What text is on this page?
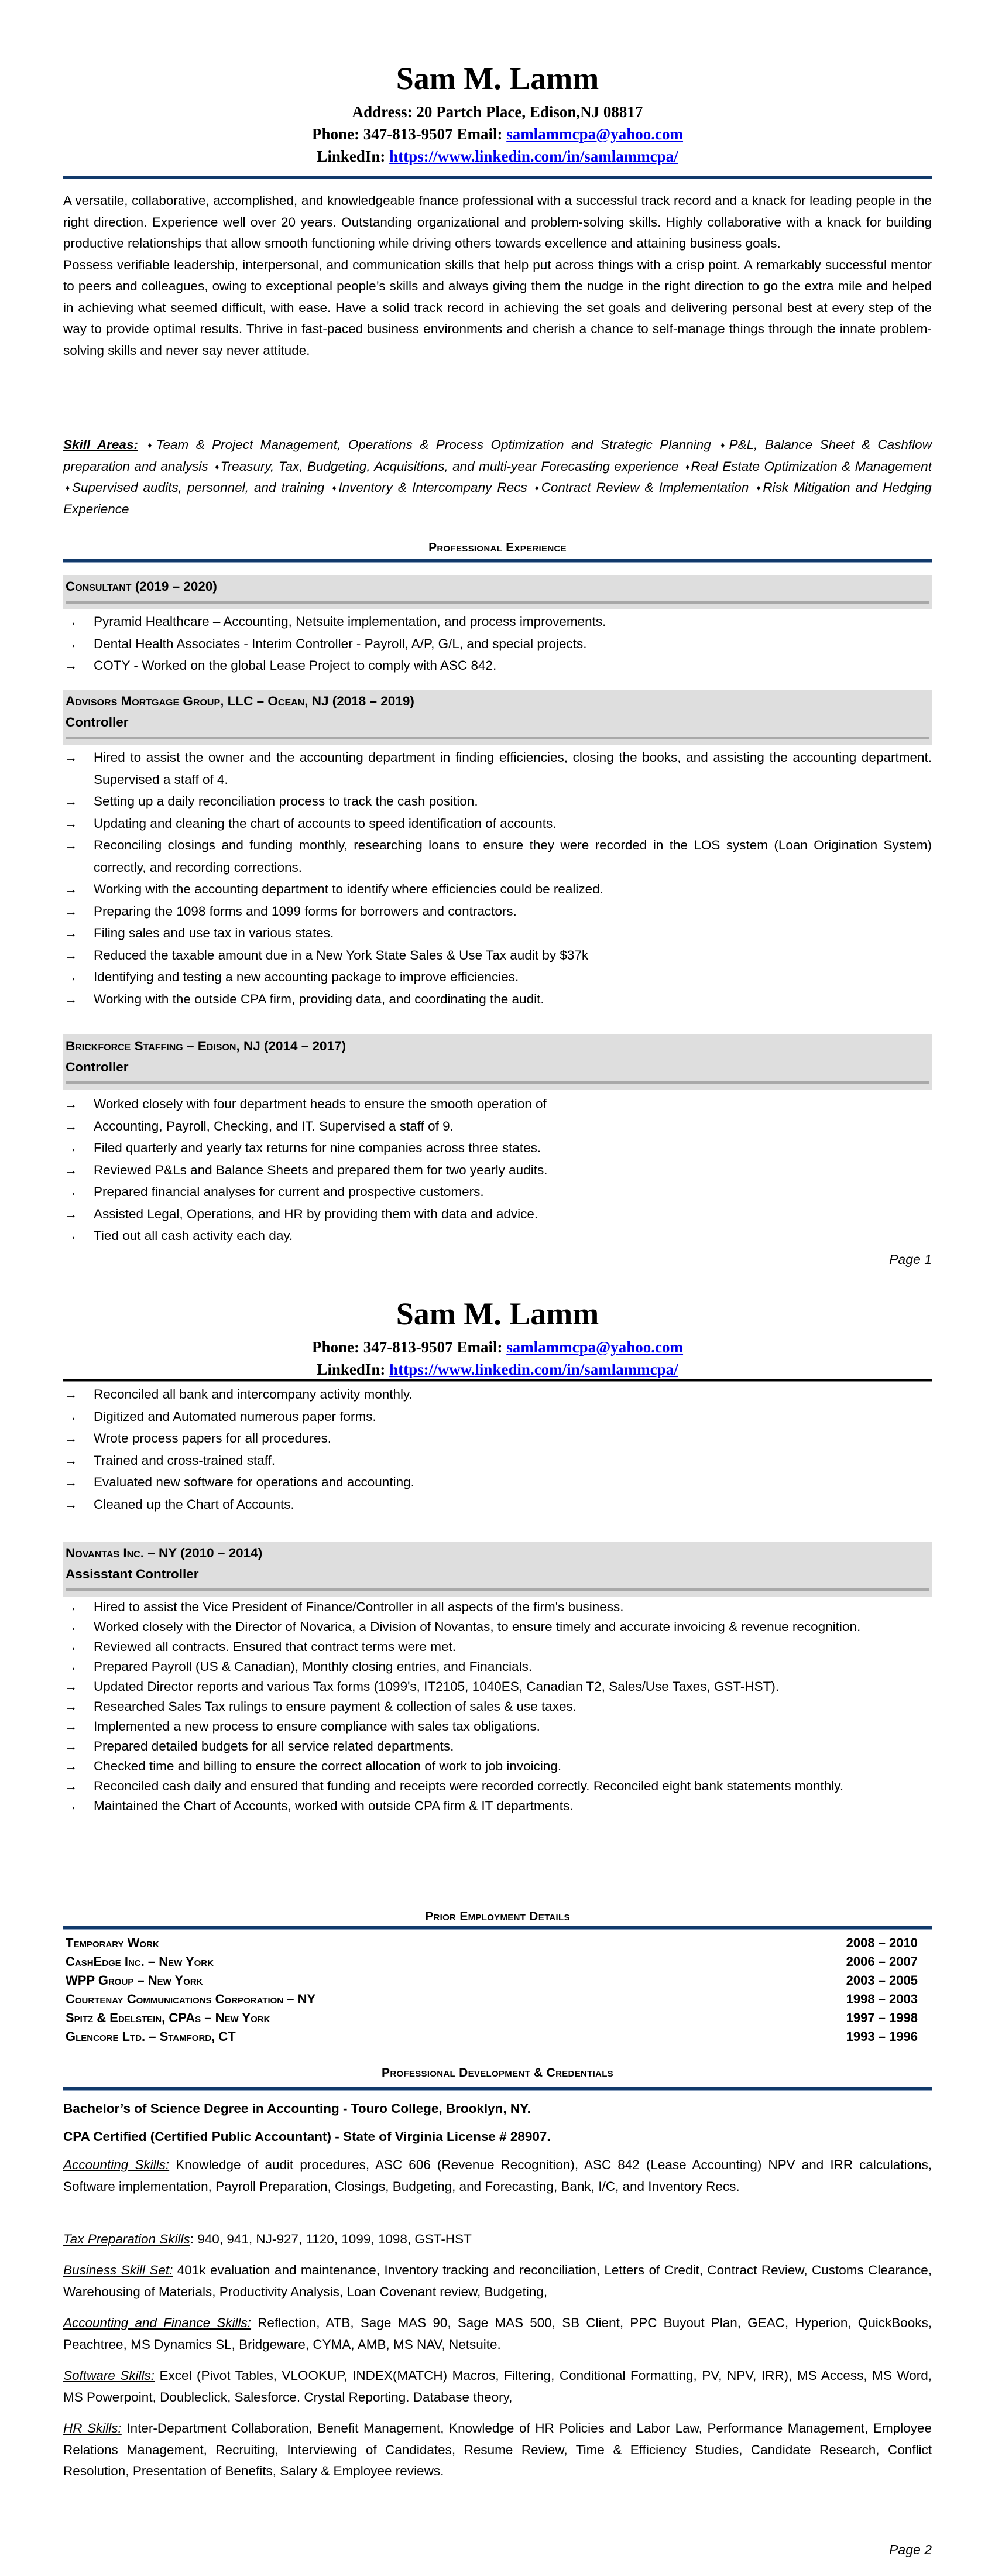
Sam M. Lamm
Address: 20 Partch Place, Edison,NJ 08817
Phone: 347-813-9507 Email: samlammcpa@yahoo.com
LinkedIn: https://www.linkedin.com/in/samlammcpa/

A versatile, collaborative, accomplished, and knowledgeable fnance professional with a successful track record and a knack for leading people in the right direction. Experience well over 20 years. Outstanding organizational and problem-solving skills. Highly collaborative with a knack for building productive relationships that allow smooth functioning while driving others towards excellence and attaining business goals.

Possess verifiable leadership, interpersonal, and communication skills that help put across things with a crisp point. A remarkably successful mentor to peers and colleagues, owing to exceptional people’s skills and always giving them the nudge in the right direction to go the extra mile and helped in achieving what seemed difficult, with ease. Have a solid track record in achieving the set goals and delivering personal best at every step of the way to provide optimal results. Thrive in fast-paced business environments and cherish a chance to self-manage things through the innate problem-solving skills and never say never attitude.

Skill Areas: ♦Team & Project Management, Operations & Process Optimization and Strategic Planning ♦P&L, Balance Sheet & Cashflow preparation and analysis ♦Treasury, Tax, Budgeting, Acquisitions, and multi-year Forecasting experience ♦Real Estate Optimization & Management ♦Supervised audits, personnel, and training ♦Inventory & Intercompany Recs ♦Contract Review & Implementation ♦Risk Mitigation and Hedging Experience
Professional Experience
Consultant (2019 – 2020)
→ Pyramid Healthcare – Accounting, Netsuite implementation, and process improvements.
→ Dental Health Associates - Interim Controller - Payroll, A/P, G/L, and special projects.
→ COTY - Worked on the global Lease Project to comply with ASC 842.
Advisors Mortgage Group, LLC – Ocean, NJ (2018 – 2019)
Controller
→ Hired to assist the owner and the accounting department in finding efficiencies, closing the books, and assisting the accounting department. Supervised a staff of 4.
→ Setting up a daily reconciliation process to track the cash position.
→ Updating and cleaning the chart of accounts to speed identification of accounts.
→ Reconciling closings and funding monthly, researching loans to ensure they were recorded in the LOS system (Loan Origination System) correctly, and recording corrections.
→ Working with the accounting department to identify where efficiencies could be realized.
→ Preparing the 1098 forms and 1099 forms for borrowers and contractors.
→ Filing sales and use tax in various states.
→ Reduced the taxable amount due in a New York State Sales & Use Tax audit by $37k
→ Identifying and testing a new accounting package to improve efficiencies.
→ Working with the outside CPA firm, providing data, and coordinating the audit.
Brickforce Staffing – Edison, NJ (2014 – 2017)
Controller
→ Worked closely with four department heads to ensure the smooth operation of
→ Accounting, Payroll, Checking, and IT. Supervised a staff of 9.
→ Filed quarterly and yearly tax returns for nine companies across three states.
→ Reviewed P&Ls and Balance Sheets and prepared them for two yearly audits.
→ Prepared financial analyses for current and prospective customers.
→ Assisted Legal, Operations, and HR by providing them with data and advice.
→ Tied out all cash activity each day.
Page 1
Sam M. Lamm
Phone: 347-813-9507 Email: samlammcpa@yahoo.com
LinkedIn: https://www.linkedin.com/in/samlammcpa/
→ Reconciled all bank and intercompany activity monthly.
→ Digitized and Automated numerous paper forms.
→ Wrote process papers for all procedures.
→ Trained and cross-trained staff.
→ Evaluated new software for operations and accounting.
→ Cleaned up the Chart of Accounts.
Novantas Inc. – NY (2010 – 2014)
Assisstant Controller
→ Hired to assist the Vice President of Finance/Controller in all aspects of the firm's business.
→ Worked closely with the Director of Novarica, a Division of Novantas, to ensure timely and accurate invoicing & revenue recognition.
→ Reviewed all contracts. Ensured that contract terms were met.
→ Prepared Payroll (US & Canadian), Monthly closing entries, and Financials.
→ Updated Director reports and various Tax forms (1099's, IT2105, 1040ES, Canadian T2, Sales/Use Taxes, GST-HST).
→ Researched Sales Tax rulings to ensure payment & collection of sales & use taxes.
→ Implemented a new process to ensure compliance with sales tax obligations.
→ Prepared detailed budgets for all service related departments.
→ Checked time and billing to ensure the correct allocation of work to job invoicing.
→ Reconciled cash daily and ensured that funding and receipts were recorded correctly. Reconciled eight bank statements monthly.
→ Maintained the Chart of Accounts, worked with outside CPA firm & IT departments.
Prior Employment Details
Temporary Work	2008 – 2010
CashEdge Inc. – New York	2006 – 2007
WPP Group – New York	2003 – 2005
Courtenay Communications Corporation – NY	1998 – 2003
Spitz & Edelstein, CPAs – New York	1997 – 1998
Glencore Ltd. – Stamford, CT	1993 – 1996
Professional Development & Credentials
Bachelor’s of Science Degree in Accounting - Touro College, Brooklyn, NY.
CPA Certified (Certified Public Accountant) - State of Virginia License # 28907.

Accounting Skills: Knowledge of audit procedures, ASC 606 (Revenue Recognition), ASC 842 (Lease Accounting) NPV and IRR calculations, Software implementation, Payroll Preparation, Closings, Budgeting, and Forecasting, Bank, I/C, and Inventory Recs.

Tax Preparation Skills: 940, 941, NJ-927, 1120, 1099, 1098, GST-HST

Business Skill Set: 401k evaluation and maintenance, Inventory tracking and reconciliation, Letters of Credit, Contract Review, Customs Clearance, Warehousing of Materials, Productivity Analysis, Loan Covenant review, Budgeting,

Accounting and Finance Skills: Reflection, ATB, Sage MAS 90, Sage MAS 500, SB Client, PPC Buyout Plan, GEAC, Hyperion, QuickBooks, Peachtree, MS Dynamics SL, Bridgeware, CYMA, AMB, MS NAV, Netsuite.

Software Skills: Excel (Pivot Tables, VLOOKUP, INDEX(MATCH) Macros, Filtering, Conditional Formatting, PV, NPV, IRR), MS Access, MS Word, MS Powerpoint, Doubleclick, Salesforce. Crystal Reporting. Database theory,

HR Skills: Inter-Department Collaboration, Benefit Management, Knowledge of HR Policies and Labor Law, Performance Management, Employee Relations Management, Recruiting, Interviewing of Candidates, Resume Review, Time & Efficiency Studies, Candidate Research, Conflict Resolution, Presentation of Benefits, Salary & Employee reviews.

Page 2
